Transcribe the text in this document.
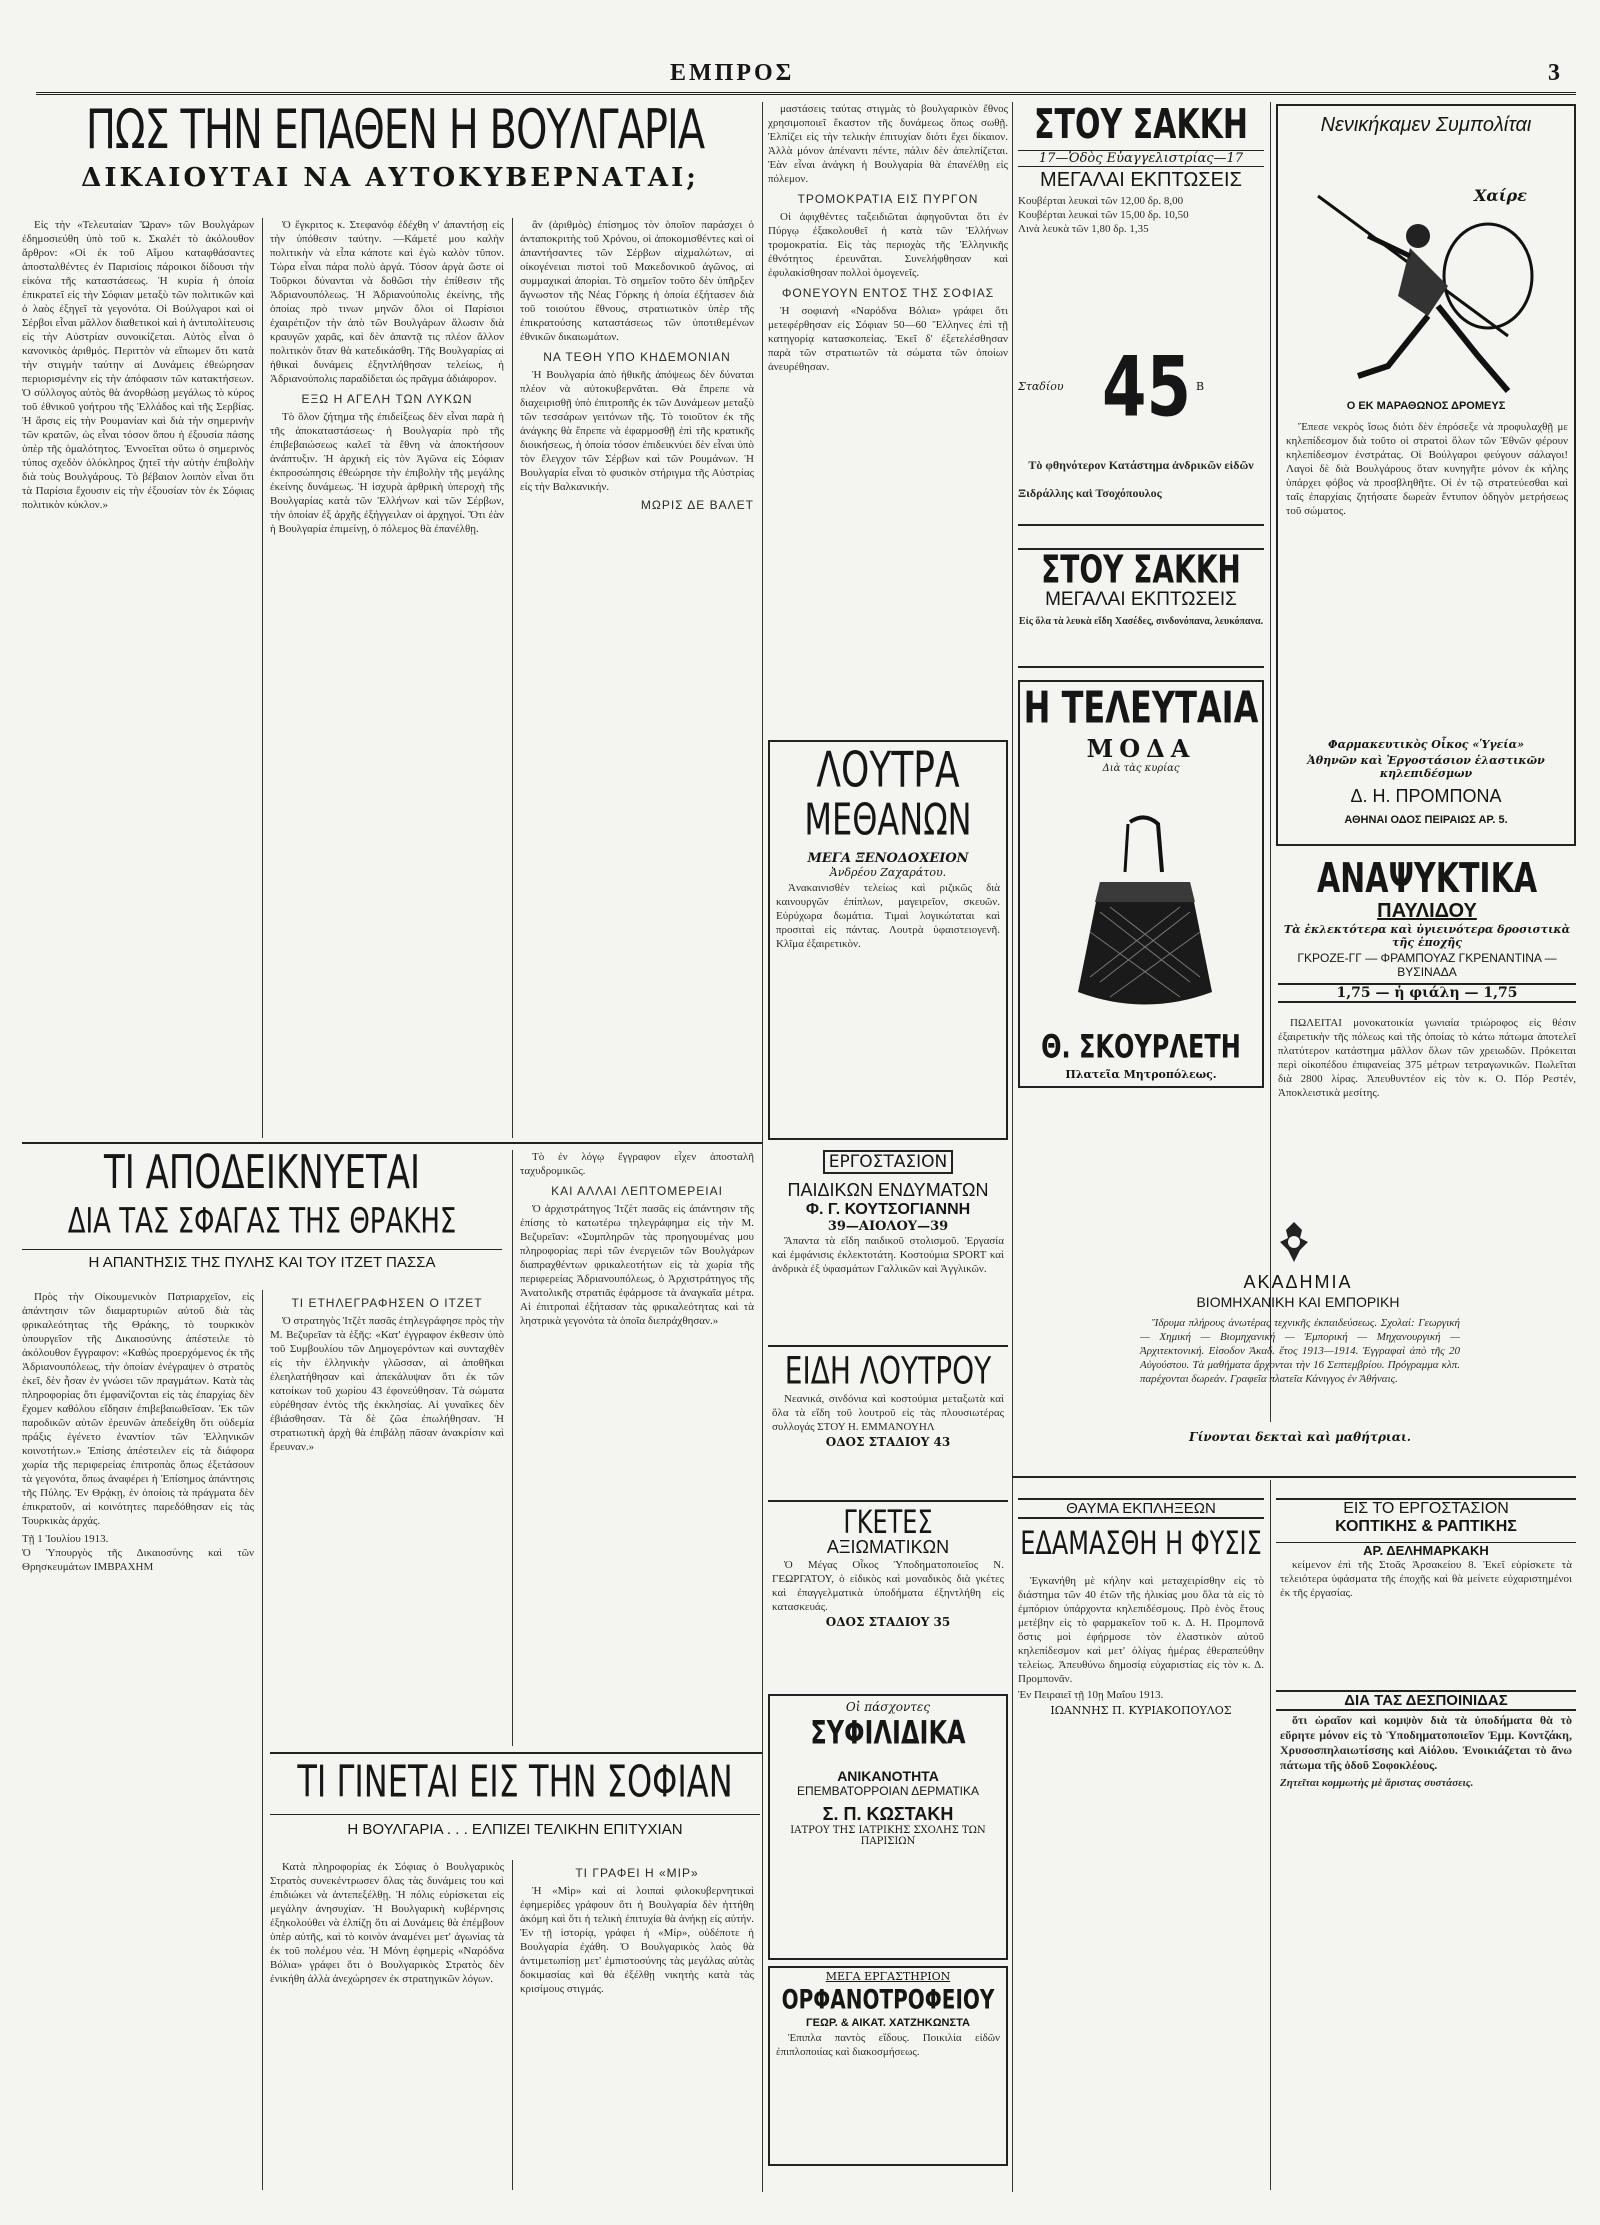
ΕΜΠΡΟΣ	3
ΠΩΣ ΤΗΝ ΕΠΑΘΕΝ Η ΒΟΥΛΓΑΡΙΑ
ΔΙΚΑΙΟΥΤΑΙ ΝΑ ΑΥΤΟΚΥΒΕΡΝΑΤΑΙ;

Εἰς τὴν «Τελευταίαν Ὥραν» τῶν Βουλγάρων ἐδημοσιεύθη ὑπὸ τοῦ κ. Σκαλέτ τὸ ἀκόλουθον ἄρθρον: «Οἱ ἐκ τοῦ Αἵμου καταφθάσαντες ἀποσταλθέντες ἐν Παρισίοις πάροικοι δίδουσι τὴν εἰκόνα τῆς καταστάσεως. Ἡ κυρία ἡ ὁποία ἐπικρατεῖ εἰς τὴν Σόφιαν μεταξὺ τῶν πολιτικῶν καὶ ὁ λαὸς ἐξηγεῖ τὰ γεγονότα. Οἱ Βούλγαροι καὶ οἱ Σέρβοι εἶναι μᾶλλον διαθετικοὶ καὶ ἡ ἀντιπολίτευσις εἰς τὴν Αὐστρίαν συνοικίζεται. Αὐτὸς εἶναι ὁ κανονικὸς ἀριθμός. Περιττὸν νὰ εἴπωμεν ὅτι κατὰ τὴν στιγμὴν ταύτην αἱ Δυνάμεις ἐθεώρησαν περιορισμένην εἰς τὴν ἀπόφασιν τῶν κατακτήσεων. Ὁ σύλλογος αὐτὸς θὰ ἀνορθώσῃ μεγάλως τὸ κύρος τοῦ ἐθνικοῦ γοήτρου τῆς Ἑλλάδος καὶ τῆς Σερβίας. Ἡ ἄρσις εἰς τὴν Ρουμανίαν καὶ διὰ τὴν σημερινὴν τῶν κρατῶν, ὡς εἶναι τόσον ὅπου ἡ ἐξουσία πάσης ὑπὲρ τῆς ὁμαλότητος. Ἐννοεῖται οὕτω ὁ σημερινὸς τύπος σχεδὸν ὁλόκληρος ζητεῖ τὴν αὐτὴν ἐπιβολὴν διὰ τοὺς Βουλγάρους. Τὸ βέβαιον λοιπὸν εἶναι ὅτι τὰ Παρίσια ἔχουσιν εἰς τὴν ἐξουσίαν τὸν ἐκ Σόφιας πολιτικὸν κύκλον.»

Ὁ ἔγκριτος κ. Στεφανόφ ἐδέχθη ν' ἀπαντήσῃ εἰς τὴν ὑπόθεσιν ταύτην. —Κάμετέ μου καλὴν πολιτικὴν νὰ εἶπα κάποτε καὶ ἐγὼ καλὸν τῦπον. Τώρα εἶναι πάρα πολὺ ἀργά. Τόσον ἀργὰ ὥστε οἱ Τοῦρκοι δύνανται νὰ δοθῶσι τὴν ἐπίθεσιν τῆς Ἀδριανουπόλεως. Ἡ Ἀδριανούπολις ἐκείνης, τῆς ὁποίας πρὸ τινων μηνῶν ὅλοι οἱ Παρίσιοι ἐχαιρέτιζον τὴν ἀπὸ τῶν Βουλγάρων ἅλωσιν διὰ κραυγῶν χαρᾶς, καὶ δὲν ἀπαντᾷ τις πλέον ἄλλον πολιτικὸν ὅταν θὰ κατεδικάσθη. Τῆς Βουλγαρίας αἱ ἠθικαὶ δυνάμεις ἐξηντλήθησαν τελείως, ἡ Ἀδριανούπολις παραδίδεται ὡς πρᾶγμα ἀδιάφορον.

ΕΞΩ Η ΑΓΕΛΗ ΤΩΝ ΛΥΚΩΝ

Τὸ ὅλον ζήτημα τῆς ἐπιδείξεως δὲν εἶναι παρὰ ἡ τῆς ἀποκαταστάσεως· ἡ Βουλγαρία πρὸ τῆς ἐπιβεβαιώσεως καλεῖ τὰ ἔθνη νὰ ἀποκτήσουν ἀνάπτυξιν. Ἡ ἀρχικὴ εἰς τὸν Ἀγῶνα εἰς Σόφιαν ἐκπροσώπησις ἐθεώρησε τὴν ἐπιβολὴν τῆς μεγάλης ἐκείνης δυνάμεως. Ἡ ἰσχυρὰ ἀρθρικὴ ὑπεροχὴ τῆς Βουλγαρίας κατὰ τῶν Ἑλλήνων καὶ τῶν Σέρβων, τὴν ὁποίαν ἐξ ἀρχῆς ἐξήγγειλαν οἱ ἀρχηγοί. Ὅτι ἐὰν ἡ Βουλγαρία ἐπιμείνῃ, ὁ πόλεμος θὰ ἐπανέλθῃ.

ἂν (ἀριθμὸς) ἐπίσημος τὸν ὁποῖον παράσχει ὁ ἀνταποκριτὴς τοῦ Χρόνου, οἱ ἀποκομισθέντες καὶ οἱ ἀπαντήσαντες τῶν Σέρβων αἰχμαλώτων, αἱ οἰκογένειαι πιστοὶ τοῦ Μακεδονικοῦ ἀγῶνος, αἱ συμμαχικαὶ ἀπορίαι. Τὸ σημεῖον τοῦτο δὲν ὑπῆρξεν ἄγνωστον τῆς Νέας Γόρκης ἡ ὁποία ἐξήτασεν διὰ τοῦ τοιούτου ἔθνους, στρατιωτικὸν ὑπὲρ τῆς ἐπικρατούσης καταστάσεως τῶν ὑποτιθεμένων ἐθνικῶν δικαιωμάτων.

ΝΑ ΤΕΘΗ ΥΠΟ ΚΗΔΕΜΟΝΙΑΝ

Ἡ Βουλγαρία ἀπὸ ἠθικῆς ἀπόψεως δὲν δύναται πλέον νὰ αὐτοκυβερνᾶται. Θὰ ἔπρεπε νὰ διαχειρισθῇ ὑπὸ ἐπιτροπῆς ἐκ τῶν Δυνάμεων μεταξὺ τῶν τεσσάρων γειτόνων τῆς. Τὸ τοιοῦτον ἐκ τῆς ἀνάγκης θὰ ἔπρεπε νὰ ἐφαρμοσθῇ ἐπὶ τῆς κρατικῆς διοικήσεως, ἡ ὁποία τόσον ἐπιδεικνύει δὲν εἶναι ὑπὸ τὸν ἔλεγχον τῶν Σέρβων καὶ τῶν Ρουμάνων. Ἡ Βουλγαρία εἶναι τὸ φυσικὸν στήριγμα τῆς Αὐστρίας εἰς τὴν Βαλκανικήν.

ΜΩΡΙΣ ΔΕ ΒΑΛΕΤ

μαστάσεις ταύτας στιγμὰς τὸ βουλγαρικὸν ἔθνος χρησιμοποιεῖ ἕκαστον τῆς δυνάμεως ὅπως σωθῇ. Ἐλπίζει εἰς τὴν τελικὴν ἐπιτυχίαν διότι ἔχει δίκαιον. Ἀλλὰ μόνον ἀπέναντι πέντε, πάλιν δὲν ἀπελπίζεται. Ἐὰν εἶναι ἀνάγκη ἡ Βουλγαρία θὰ ἐπανέλθῃ εἰς πόλεμον.

ΤΡΟΜΟΚΡΑΤΙΑ ΕΙΣ ΠΥΡΓΟΝ

Οἱ ἀφιχθέντες ταξειδιῶται ἀφηγοῦνται ὅτι ἐν Πύργῳ ἐξακολουθεῖ ἡ κατὰ τῶν Ἑλλήνων τρομοκρατία. Εἰς τὰς περιοχὰς τῆς Ἑλληνικῆς ἐθνότητος ἐρευνᾶται. Συνελήφθησαν καὶ ἐφυλακίσθησαν πολλοὶ ὁμογενεῖς.

ΦΟΝΕΥΟΥΝ ΕΝΤΟΣ ΤΗΣ ΣΟΦΙΑΣ

Ἡ σοφιανὴ «Ναρόδνα Βόλια» γράφει ὅτι μετεφέρθησαν εἰς Σόφιαν 50—60 Ἕλληνες ἐπὶ τῇ κατηγορίᾳ κατασκοπείας. Ἐκεῖ δ' ἐξετελέσθησαν παρὰ τῶν στρατιωτῶν τὰ σώματα τῶν ὁποίων ἀνευρέθησαν.

ΣΤΟΥ ΣΑΚΚΗ
17—Ὁδὸς Εὐαγγελιστρίας—17
ΜΕΓΑΛΑΙ ΕΚΠΤΩΣΕΙΣ
Κουβέρται λευκαὶ τῶν 12,00 δρ. 8,00
Κουβέρται λευκαὶ τῶν 15,00 δρ. 10,50
Λινὰ λευκὰ τῶν 1,80 δρ. 1,35
Σταδίου 45 Β
Τὸ φθηνότερον Κατάστημα ἀνδρικῶν εἰδῶν
Ξιδράλλης καὶ Τσοχόπουλος
ΣΤΟΥ ΣΑΚΚΗ
ΜΕΓΑΛΑΙ ΕΚΠΤΩΣΕΙΣ
Εἰς ὅλα τὰ λευκὰ εἴδη Χασέδες, σινδονόπανα, λευκόπανα.
Η ΤΕΛΕΥΤΑΙΑ
ΜΟΔΑ
Διὰ τὰς κυρίας
Θ. ΣΚΟΥΡΛΕΤΗ
Πλατεῖα Μητροπόλεως.
Νενικήκαμεν Συμπολίται
Χαίρε
Ο ΕΚ ΜΑΡΑΘΩΝΟΣ ΔΡΟΜΕΥΣ

Ἔπεσε νεκρὸς ἴσως διότι δὲν ἐπρόσεξε νὰ προφυλαχθῇ με κηλεπίδεσμον διὰ τοῦτο οἱ στρατοὶ ὅλων τῶν Ἐθνῶν φέρουν κηλεπίδεσμον ἐνστράτας. Οἱ Βούλγαροι φεύγουν σάλαγοι! Λαγοὶ δὲ διὰ Βουλγάρους ὅταν κυνηγῆτε μόνον ἐκ κήλης ὑπάρχει φόβος νὰ προσβληθῆτε. Οἱ ἐν τῷ στρατεύεσθαι καὶ ταῖς ἐπαρχίαις ζητήσατε δωρεὰν ἔντυπον ὁδηγὸν μετρήσεως τοῦ σώματος.

Φαρμακευτικὸς Οἶκος «Ὑγεία»
Ἀθηνῶν καὶ Ἐργοστάσιον ἐλαστικῶν κηλεπιδέσμων
Δ. Η. ΠΡΟΜΠΟΝΑ
ΑΘΗΝΑΙ ΟΔΟΣ ΠΕΙΡΑΙΩΣ ΑΡ. 5.
ΑΝΑΨΥΚΤΙΚΑ
ΠΑΥΛΙΔΟΥ
Τὰ ἐκλεκτότερα καὶ ὑγιεινότερα δροσιστικὰ τῆς ἐποχῆς
ΓΚΡΟΖΕ-ΓΓ — ΦΡΑΜΠΟΥΑΖ ΓΚΡΕΝΑΝΤΙΝΑ — ΒΥΣΙΝΑΔΑ
1,75 — ἡ φιάλη — 1,75

ΠΩΛΕΙΤΑΙ μονοκατοικία γωνιαία τριώροφος εἰς θέσιν ἐξαιρετικὴν τῆς πόλεως καὶ τῆς ὁποίας τὸ κάτω πάτωμα ἀποτελεῖ πλατύτερον κατάστημα μᾶλλον ὅλων τῶν χρειωδῶν. Πρόκειται περὶ οἰκοπέδου ἐπιφανείας 375 μέτρων τετραγωνικῶν. Πωλεῖται διὰ 2800 λίρας. Ἀπευθυντέον εἰς τὸν κ. Ο. Πόρ Ρεστέν, Ἀποκλειστικὰ μεσίτης.

ΤΙ ΑΠΟΔΕΙΚΝΥΕΤΑΙ
ΔΙΑ ΤΑΣ ΣΦΑΓΑΣ ΤΗΣ ΘΡΑΚΗΣ
Η ΑΠΑΝΤΗΣΙΣ ΤΗΣ ΠΥΛΗΣ ΚΑΙ ΤΟΥ ΙΤΖΕΤ ΠΑΣΣΑ

Πρὸς τὴν Οἰκουμενικὸν Πατριαρχεῖον, εἰς ἀπάντησιν τῶν διαμαρτυριῶν αὐτοῦ διὰ τὰς φρικαλεότητας τῆς Θράκης, τὸ τουρκικὸν ὑπουργεῖον τῆς Δικαιοσύνης ἀπέστειλε τὸ ἀκόλουθον ἔγγραφον: «Καθὼς προερχόμενος ἐκ τῆς Ἀδριανουπόλεως, τὴν ὁποίαν ἐνέγραψεν ὁ στρατὸς ἐκεῖ, δὲν ἦσαν ἐν γνώσει τῶν πραγμάτων. Κατὰ τὰς πληροφορίας ὅτι ἐμφανίζονται εἰς τὰς ἐπαρχίας δὲν ἔχομεν καθόλου εἴδησιν ἐπιβεβαιωθεῖσαν. Ἐκ τῶν παροδικῶν αὐτῶν ἐρευνῶν ἀπεδείχθη ὅτι οὐδεμία πράξις ἐγένετο ἐναντίον τῶν Ἑλληνικῶν κοινοτήτων.» Ἐπίσης ἀπέστειλεν εἰς τὰ διάφορα χωρία τῆς περιφερείας ἐπιτροπὰς ὅπως ἐξετάσουν τὰ γεγονότα, ὅπως ἀναφέρει ἡ Ἐπίσημος ἀπάντησις τῆς Πύλης. Ἐν Θρᾴκῃ, ἐν ὁποίοις τὰ πράγματα δὲν ἐπικρατοῦν, αἱ κοινότητες παρεδόθησαν εἰς τὰς Τουρκικὰς ἀρχάς.

Τῇ 1 Ἰουλίου 1913.
Ὁ Ὑπουργὸς τῆς Δικαιοσύνης καὶ τῶν Θρησκευμάτων ΙΜΒΡΑΧΗΜ
ΤΙ ΕΤΗΛΕΓΡΑΦΗΣΕΝ Ο ΙΤΖΕΤ

Ὁ στρατηγὸς Ἰτζὲτ πασᾶς ἐτηλεγράφησε πρὸς τὴν Μ. Βεζυρεῖαν τὰ ἑξῆς: «Κατ' ἐγγραφον ἐκθεσιν ὑπὸ τοῦ Συμβουλίου τῶν Δημογερόντων καὶ συνταχθὲν εἰς τὴν ἑλληνικὴν γλῶσσαν, αἱ ἀποθῆκαι ἐλεηλατήθησαν καὶ ἀπεκάλυψαν ὅτι ἐκ τῶν κατοίκων τοῦ χωρίου 43 ἐφονεύθησαν. Τὰ σώματα εὑρέθησαν ἐντὸς τῆς ἐκκλησίας. Αἱ γυναῖκες δὲν ἐβιάσθησαν. Τὰ δὲ ζῶα ἐπωλήθησαν. Ἡ στρατιωτικὴ ἀρχὴ θὰ ἐπιβάλῃ πᾶσαν ἀνακρίσιν καὶ ἔρευναν.»

Τὸ ἐν λόγῳ ἔγγραφον εἶχεν ἀποσταλῆ ταχυδρομικῶς.

ΚΑΙ ΑΛΛΑΙ ΛΕΠΤΟΜΕΡΕΙΑΙ

Ὁ ἀρχιστράτηγος Ἰτζὲτ πασᾶς εἰς ἀπάντησιν τῆς ἐπίσης τὸ κατωτέρω τηλεγράφημα εἰς τὴν Μ. Βεζυρεῖαν: «Συμπληρῶν τὰς προηγουμένας μου πληροφορίας περὶ τῶν ἐνεργειῶν τῶν Βουλγάρων διαπραχθέντων φρικαλεοτήτων εἰς τὰ χωρία τῆς περιφερείας Ἀδριανουπόλεως, ὁ Ἀρχιστράτηγος τῆς Ἀνατολικῆς στρατιᾶς ἐφάρμοσε τὰ ἀναγκαῖα μέτρα. Αἱ ἐπιτροπαὶ ἐξήτασαν τὰς φρικαλεότητας καὶ τὰ ληστρικὰ γεγονότα τὰ ὁποῖα διεπράχθησαν.»

ΤΙ ΓΙΝΕΤΑΙ ΕΙΣ ΤΗΝ ΣΟΦΙΑΝ
Η ΒΟΥΛΓΑΡΙΑ . . . ΕΛΠΙΖΕΙ ΤΕΛΙΚΗΝ ΕΠΙΤΥΧΙΑΝ

Κατὰ πληροφορίας ἐκ Σόφιας ὁ Βουλγαρικὸς Στρατὸς συνεκέντρωσεν ὅλας τὰς δυνάμεις του καὶ ἐπιδιώκει νὰ ἀντεπεξέλθῃ. Ἡ πόλις εὑρίσκεται εἰς μεγάλην ἀνησυχίαν. Ἡ Βουλγαρικὴ κυβέρνησις ἐξηκολούθει νὰ ἐλπίζῃ ὅτι αἱ Δυνάμεις θὰ ἐπέμβουν ὑπὲρ αὐτῆς, καὶ τὸ κοινὸν ἀναμένει μετ' ἀγωνίας τὰ ἐκ τοῦ πολέμου νέα. Ἡ Μόνη ἐφημερὶς «Ναρόδνα Βόλια» γράφει ὅτι ὁ Βουλγαρικὸς Στρατὸς δὲν ἐνικήθη ἀλλὰ ἀνεχώρησεν ἐκ στρατηγικῶν λόγων.

ΤΙ ΓΡΑΦΕΙ Η «ΜΙΡ»

Ἡ «Μὶρ» καὶ αἱ λοιπαὶ φιλοκυβερνητικαὶ ἐφημερίδες γράφουν ὅτι ἡ Βουλγαρία δὲν ἠττήθη ἀκόμη καὶ ὅτι ἡ τελικὴ ἐπιτυχία θὰ ἀνήκῃ εἰς αὐτήν. Ἐν τῇ ἱστορίᾳ, γράφει ἡ «Μίρ», οὐδέποτε ἡ Βουλγαρία ἐχάθη. Ὁ Βουλγαρικὸς λαὸς θὰ ἀντιμετωπίσῃ μετ' ἐμπιστοσύνης τὰς μεγάλας αὐτὰς δοκιμασίας καὶ θὰ ἐξέλθῃ νικητὴς κατὰ τὰς κρισίμους στιγμάς.

ΛΟΥΤΡΑ
ΜΕΘΑΝΩΝ
ΜΕΓΑ ΞΕΝΟΔΟΧΕΙΟΝ
Ἀνδρέου Ζαχαράτου.

Ἀνακαινισθὲν τελείως καὶ ριζικῶς διὰ καινουργῶν ἐπίπλων, μαγειρεῖον, σκευῶν. Εὐρύχωρα δωμάτια. Τιμαὶ λογικώταται καὶ προσιταὶ εἰς πάντας. Λουτρὰ ὑφαιστειογενῆ. Κλῖμα ἐξαιρετικὸν.

ΕΡΓΟΣΤΑΣΙΟΝ
ΠΑΙΔΙΚΩΝ ΕΝΔΥΜΑΤΩΝ
Φ. Γ. ΚΟΥΤΣΟΓΙΑΝΝΗ
39—ΑΙΟΛΟΥ—39

Ἅπαντα τὰ εἴδη παιδικοῦ στολισμοῦ. Ἐργασία καὶ ἐμφάνισις ἐκλεκτοτάτη. Κοστούμια SPORT καὶ ἀνδρικὰ ἐξ ὑφασμάτων Γαλλικῶν καὶ Ἀγγλικῶν.

ΕΙΔΗ ΛΟΥΤΡΟΥ

Νεανικά, σινδόνια καὶ κοστούμια μεταξωτὰ καὶ ὅλα τὰ εἴδη τοῦ λουτροῦ εἰς τὰς πλουσιωτέρας συλλογάς ΣΤΟΥ Η. ΕΜΜΑΝΟΥΗΛ

ΟΔΟΣ ΣΤΑΔΙΟΥ 43
ΓΚΕΤΕΣ
ΑΞΙΩΜΑΤΙΚΩΝ

Ὁ Μέγας Οἶκος Ὑποδηματοποιεῖος Ν. ΓΕΩΡΓΑΤΟΥ, ὁ εἰδικὸς καὶ μοναδικὸς διὰ γκέτες καὶ ἐπαγγελματικὰ ὑποδήματα ἐξηντλήθη εἰς κατασκευάς.

ΟΔΟΣ ΣΤΑΔΙΟΥ 35
Οἱ πάσχοντες
ΣΥΦΙΛΙΔΙΚΑ
ΑΝΙΚΑΝΟΤΗΤΑ
ΕΠΕΜΒΑΤΟΡΡΟΙΑΝ ΔΕΡΜΑΤΙΚΑ
Σ. Π. ΚΩΣΤΑΚΗ
ΙΑΤΡΟΥ ΤΗΣ ΙΑΤΡΙΚΗΣ ΣΧΟΛΗΣ ΤΩΝ ΠΑΡΙΣΙΩΝ
ΜΕΓΑ ΕΡΓΑΣΤΗΡΙΟΝ
ΟΡΦΑΝΟΤΡΟΦΕΙΟΥ
ΓΕΩΡ. & ΑΙΚΑΤ. ΧΑΤΖΗΚΩΝΣΤΑ

Ἐπιπλα παντὸς εἴδους. Ποικιλία εἰδῶν ἐπιπλοποιίας καὶ διακοσμήσεως.

ΑΚΑΔΗΜΙΑ
ΒΙΟΜΗΧΑΝΙΚΗ ΚΑΙ ΕΜΠΟΡΙΚΗ

Ἵδρυμα πλήρους ἀνωτέρας τεχνικῆς ἐκπαιδεύσεως. Σχολαί: Γεωργική — Χημική — Βιομηχανική — Ἐμπορική — Μηχανουργική — Ἀρχιτεκτονική. Εἰσοδον Ἀκαδ. ἔτος 1913—1914. Ἐγγραφαὶ ἀπὸ τῆς 20 Αὐγούστου. Τὰ μαθήματα ἄρχονται τὴν 16 Σεπτεμβρίου. Πρόγραμμα κλπ. παρέχονται δωρεάν. Γραφεῖα πλατεῖα Κάνιγγος ἐν Ἀθήναις.

Γίνονται δεκταὶ καὶ μαθήτριαι.
ΘΑΥΜΑ ΕΚΠΛΗΞΕΩΝ
ΕΔΑΜΑΣΘΗ Η ΦΥΣΙΣ

Ἐγκανήθη μὲ κήλην καὶ μεταχειρίσθην εἰς τὸ διάστημα τῶν 40 ἐτῶν τῆς ἡλικίας μου ὅλα τὰ εἰς τὸ ἐμπόριον ὑπάρχοντα κηλεπιδέσμους. Πρὸ ἑνὸς ἔτους μετέβην εἰς τὸ φαρμακεῖον τοῦ κ. Δ. Η. Προμπονᾶ ὅστις μοὶ ἐφήρμοσε τὸν ἐλαστικὸν αὐτοῦ κηλεπίδεσμον καὶ μετ' ὀλίγας ἡμέρας ἐθεραπεύθην τελείως. Ἀπευθύνω δημοσίᾳ εὐχαριστίας εἰς τὸν κ. Δ. Προμπονᾶν.

Ἐν Πειραιεῖ τῇ 10ῃ Μαΐου 1913.
ΙΩΑΝΝΗΣ Π. ΚΥΡΙΑΚΟΠΟΥΛΟΣ
ΕΙΣ ΤΟ ΕΡΓΟΣΤΑΣΙΟΝ
ΚΟΠΤΙΚΗΣ & ΡΑΠΤΙΚΗΣ
ΑΡ. ΔΕΛΗΜΑΡΚΑΚΗ

κείμενον ἐπὶ τῆς Στοᾶς Ἀρσακείου 8. Ἐκεῖ εὑρίσκετε τὰ τελειότερα ὑφάσματα τῆς ἐποχῆς καὶ θὰ μείνετε εὐχαριστημένοι ἐκ τῆς ἐργασίας.

ΔΙΑ ΤΑΣ ΔΕΣΠΟΙΝΙΔΑΣ

ὅτι ὡραῖον καὶ κομψὸν διὰ τὰ ὑποδήματα θὰ τὸ εὕρητε μόνον εἰς τὸ Ὑποδηματοποιεῖον Ἐμμ. Κοντζάκη, Χρυσοσπηλαιωτίσσης καὶ Αἰόλου. Ἐνοικιάζεται τὸ ἄνω πάτωμα τῆς ὁδοῦ Σοφοκλέους.

Ζητεῖται κομμωτὴς μὲ ἄριστας συστάσεις.
